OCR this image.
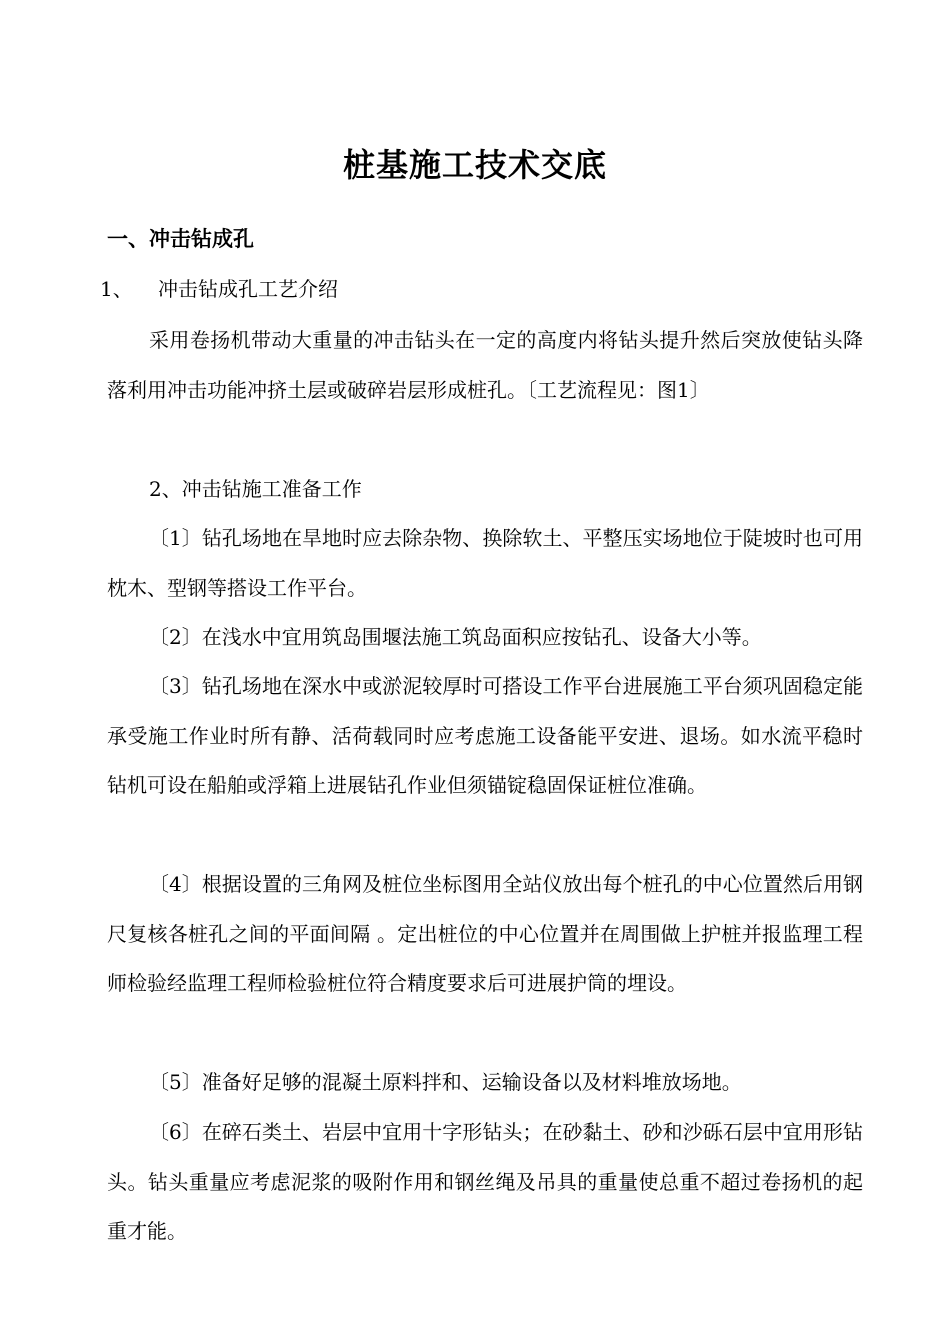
桩基施工技术交底
一、冲击钻成孔
1、 冲击钻成孔工艺介绍
采用卷扬机带动大重量的冲击钻头在一定的高度内将钻头提升然后突放使钻头降落利用冲击功能冲挤土层或破碎岩层形成桩孔。〔工艺流程见：图1〕
2、冲击钻施工准备工作
〔1〕钻孔场地在旱地时应去除杂物、换除软土、平整压实场地位于陡坡时也可用枕木、型钢等搭设工作平台。
〔2〕在浅水中宜用筑岛围堰法施工筑岛面积应按钻孔、设备大小等。
〔3〕钻孔场地在深水中或淤泥较厚时可搭设工作平台进展施工平台须巩固稳定能承受施工作业时所有静、活荷载同时应考虑施工设备能平安进、退场。如水流平稳时钻机可设在船舶或浮箱上进展钻孔作业但须锚锭稳固保证桩位准确。
〔4〕根据设置的三角网及桩位坐标图用全站仪放出每个桩孔的中心位置然后用钢尺复核各桩孔之间的平面间隔 。定出桩位的中心位置并在周围做上护桩并报监理工程师检验经监理工程师检验桩位符合精度要求后可进展护筒的埋设。
〔5〕准备好足够的混凝土原料拌和、运输设备以及材料堆放场地。
〔6〕在碎石类土、岩层中宜用十字形钻头；在砂黏土、砂和沙砾石层中宜用形钻头。钻头重量应考虑泥浆的吸附作用和钢丝绳及吊具的重量使总重不超过卷扬机的起重才能。
